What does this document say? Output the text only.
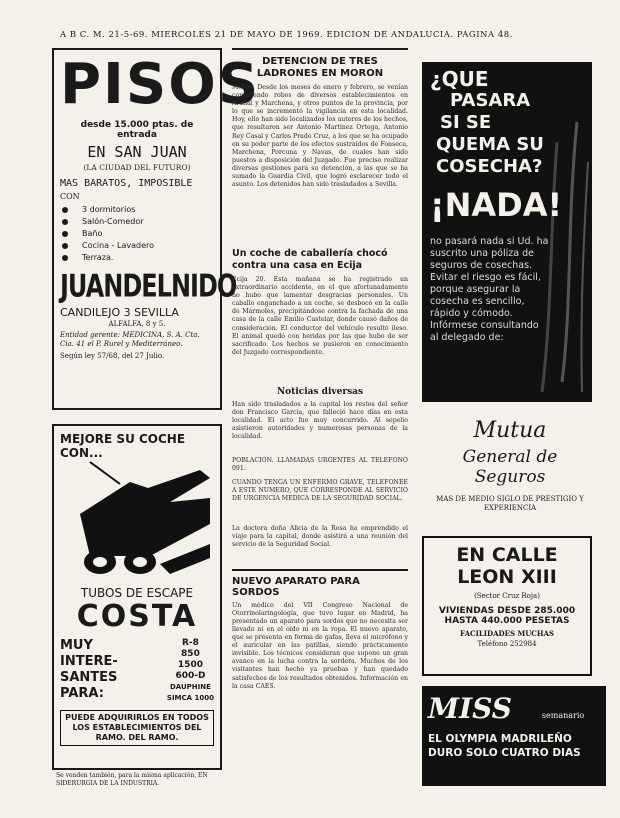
A B C. M. 21-5-69. MIERCOLES 21 DE MAYO DE 1969. EDICION DE ANDALUCIA. PAGINA 48.
PISOS
desde 15.000 ptas. de entrada
EN SAN JUAN
(LA CIUDAD DEL FUTURO)
MAS BARATOS, IMPOSIBLE
CON
3 dormitorios
Salón-Comedor
Baño
Cocina - Lavadero
Terraza.
JUANDELNIDO
CANDILEJO 3 SEVILLA
ALFALFA, 8 y 5.
Entidad gerente: MEDICINA, S. A. Cta. Cia. 41 el P. Rurel y Mediterráneo.
Según ley 57/68, del 27 Julio.
MEJORE SU COCHE CON...
TUBOS DE ESCAPE
COSTA
MUY
INTERE-
SANTES
PARA:
R-8
850
1500
600-D
DAUPHINE
SIMCA 1000
PUEDE ADQUIRIRLOS EN TODOS LOS ESTABLECIMIENTOS DEL RAMO. DEL RAMO.
Se venden también, para la misma aplicación, EN SIDERURGIA DE LA INDUSTRIA.
DETENCION DE TRES LADRONES EN MORON
Morón. Desde los meses de enero y febrero, se venían cometiendo robos de diversos establecimientos en Arahal y Marchena, y otros puntos de la provincia, por lo que se incrementó la vigilancia en esta localidad. Hoy, ello han sido localizados los autores de los hechos, que resultaron ser Antonio Martínez Ortega, Antonio Rey Casal y Carlos Prado Cruz, a los que se ha ocupado en su poder parte de los efectos sustraídos de Fonseca, Marchena, Porcuna y Navas, de cuales han sido puestos a disposición del Juzgado. Fue preciso realizar diversas gestiones para su detención, a las que se ha sumado la Guardia Civil, que logró esclarecer todo el asunto. Los detenidos han sido trasladados a Sevilla.
Un coche de caballería chocó contra una casa en Ecija
Ecija 20. Esta mañana se ha registrado un extraordinario accidente, en el que afortunadamente no hubo que lamentar desgracias personales. Un caballo enganchado a un coche, se desbocó en la calle de Mármoles, precipitándose contra la fachada de una casa de la calle Emilio Castelar, donde causó daños de consideración. El conductor del vehículo resultó ileso. El animal quedó con heridas por las que hubo de ser sacrificado. Los hechos se pusieron en conocimiento del Juzgado correspondiente.
Noticias diversas
Han sido trasladados a la capital los restos del señor don Francisco García, que falleció hace días en esta localidad. El acto fue muy concurrido. Al sepelio asistieron autoridades y numerosas personas de la localidad.
POBLACION. LLAMADAS URGENTES AL TELEFONO 091.
CUANDO TENGA UN ENFERMO GRAVE, TELEFONEE A ESTE NUMERO, QUE CORRESPONDE AL SERVICIO DE URGENCIA MEDICA DE LA SEGURIDAD SOCIAL.
La doctora doña Alicia de la Rosa ha emprendido el viaje para la capital, donde asistirá a una reunión del servicio de la Seguridad Social.
NUEVO APARATO PARA SORDOS
Un médico del VII Congreso Nacional de Otorrinolaringología, que tuvo lugar en Madrid, ha presentado un aparato para sordos que no necesita ser llevado ni en el oído ni en la ropa. El nuevo aparato, que se presenta en forma de gafas, lleva el micrófono y el auricular en las patillas, siendo prácticamente invisible. Los técnicos consideran que supone un gran avance en la lucha contra la sordera. Muchos de los visitantes han hecho ya pruebas y han quedado satisfechos de los resultados obtenidos. Información en la casa CAES.
¿QUE
PASARA
SI SE
QUEMA SU
COSECHA?
¡NADA!
no pasará nada si Ud. ha suscrito una póliza de seguros de cosechas. Evitar el riesgo es fácil, porque asegurar la cosecha es sencillo, rápido y cómodo. Infórmese consultando al delegado de:
Mutua
General de Seguros
MAS DE MEDIO SIGLO DE PRESTIGIO Y EXPERIENCIA
EN CALLE
LEON XIII
(Sector Cruz Roja)
VIVIENDAS DESDE 285.000
HASTA 440.000 PESETAS
FACILIDADES MUCHAS
Teléfono 252984
MISS	semanario
EL OLYMPIA MADRILEÑO
DURO SOLO CUATRO DIAS
